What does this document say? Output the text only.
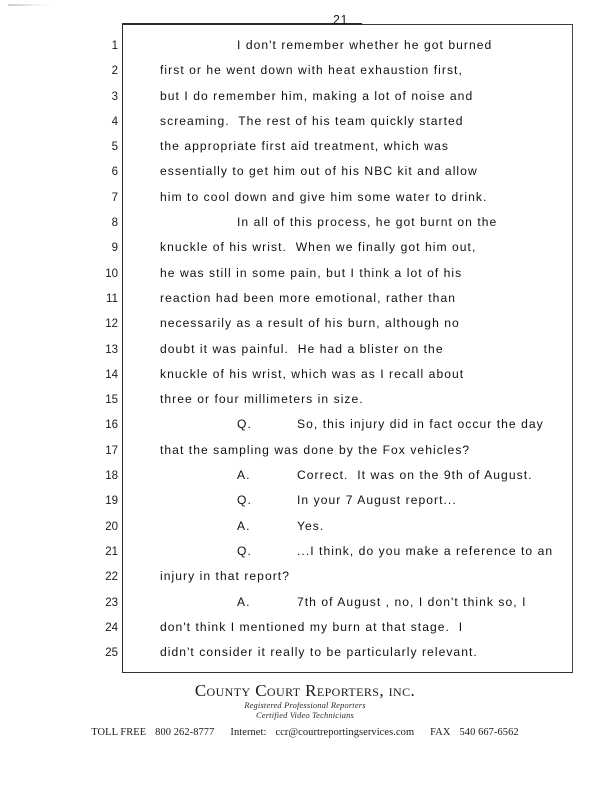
21
1	I don't remember whether he got burned
2	first or he went down with heat exhaustion first,
3	but I do remember him, making a lot of noise and
4	screaming.  The rest of his team quickly started
5	the appropriate first aid treatment, which was
6	essentially to get him out of his NBC kit and allow
7	him to cool down and give him some water to drink.
8	In all of this process, he got burnt on the
9	knuckle of his wrist.  When we finally got him out,
10	he was still in some pain, but I think a lot of his
11	reaction had been more emotional, rather than
12	necessarily as a result of his burn, although no
13	doubt it was painful.  He had a blister on the
14	knuckle of his wrist, which was as I recall about
15	three or four millimeters in size.
16	Q.	So, this injury did in fact occur the day
17	that the sampling was done by the Fox vehicles?
18	A.	Correct.  It was on the 9th of August.
19	Q.	In your 7 August report...
20	A.	Yes.
21	Q.	...I think, do you make a reference to an
22	injury in that report?
23	A.	7th of August , no, I don't think so, I
24	don't think I mentioned my burn at that stage.  I
25	didn't consider it really to be particularly relevant.
County Court Reporters, inc.
Registered Professional Reporters
Certified Video Technicians
TOLL FREE 800 262-8777 Internet: ccr@courtreportingservices.com FAX 540 667-6562
